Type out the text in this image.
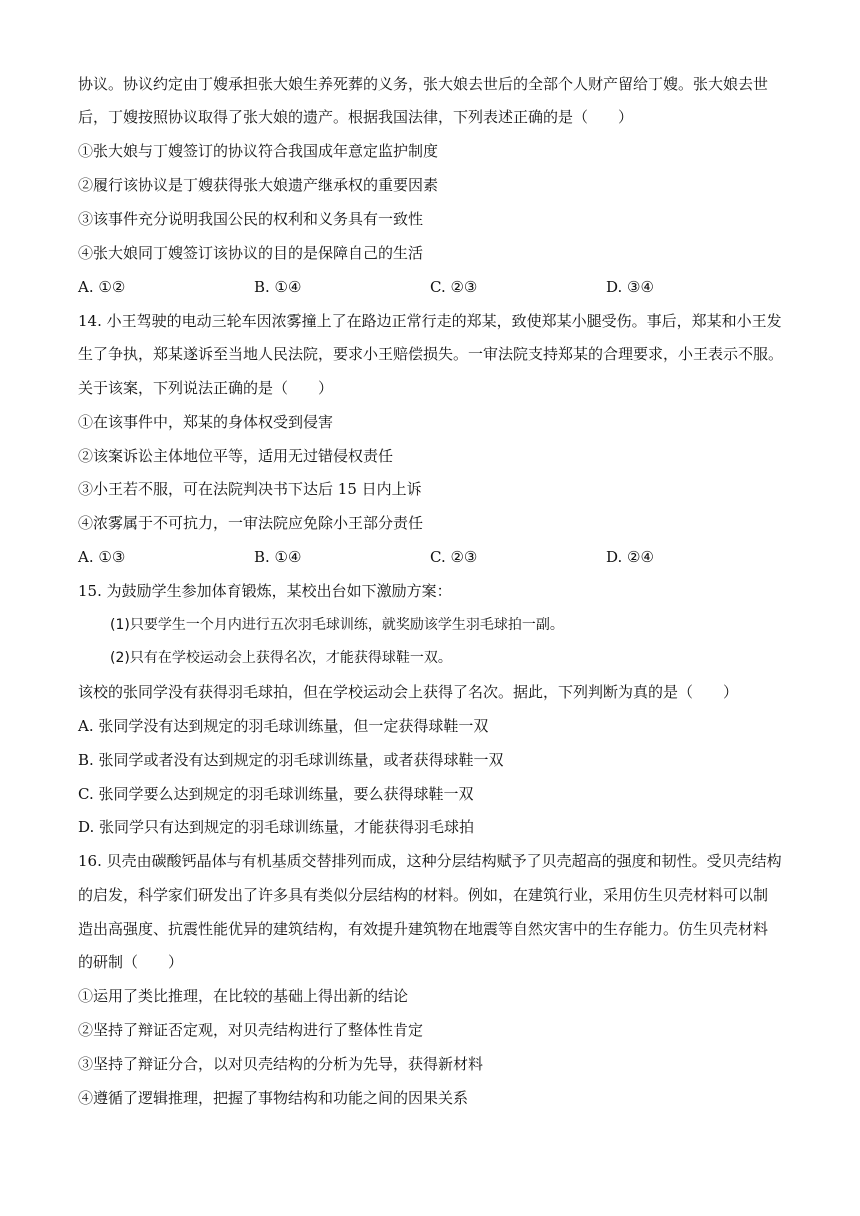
协议。协议约定由丁嫂承担张大娘生养死葬的义务，张大娘去世后的全部个人财产留给丁嫂。张大娘去世
后，丁嫂按照协议取得了张大娘的遗产。根据我国法律，下列表述正确的是（　　）
①张大娘与丁嫂签订的协议符合我国成年意定监护制度
②履行该协议是丁嫂获得张大娘遗产继承权的重要因素
③该事件充分说明我国公民的权利和义务具有一致性
④张大娘同丁嫂签订该协议的目的是保障自己的生活
A. ①②	B. ①④	C. ②③	D. ③④
14. 小王驾驶的电动三轮车因浓雾撞上了在路边正常行走的郑某，致使郑某小腿受伤。事后，郑某和小王发
生了争执，郑某遂诉至当地人民法院，要求小王赔偿损失。一审法院支持郑某的合理要求，小王表示不服。
关于该案，下列说法正确的是（　　）
①在该事件中，郑某的身体权受到侵害
②该案诉讼主体地位平等，适用无过错侵权责任
③小王若不服，可在法院判决书下达后 15 日内上诉
④浓雾属于不可抗力，一审法院应免除小王部分责任
A. ①③	B. ①④	C. ②③	D. ②④
15. 为鼓励学生参加体育锻炼，某校出台如下激励方案：
(1)只要学生一个月内进行五次羽毛球训练，就奖励该学生羽毛球拍一副。
(2)只有在学校运动会上获得名次，才能获得球鞋一双。
该校的张同学没有获得羽毛球拍，但在学校运动会上获得了名次。据此，下列判断为真的是（　　）
A. 张同学没有达到规定的羽毛球训练量，但一定获得球鞋一双
B. 张同学或者没有达到规定的羽毛球训练量，或者获得球鞋一双
C. 张同学要么达到规定的羽毛球训练量，要么获得球鞋一双
D. 张同学只有达到规定的羽毛球训练量，才能获得羽毛球拍
16. 贝壳由碳酸钙晶体与有机基质交替排列而成，这种分层结构赋予了贝壳超高的强度和韧性。受贝壳结构
的启发，科学家们研发出了许多具有类似分层结构的材料。例如，在建筑行业，采用仿生贝壳材料可以制
造出高强度、抗震性能优异的建筑结构，有效提升建筑物在地震等自然灾害中的生存能力。仿生贝壳材料
的研制（　　）
①运用了类比推理，在比较的基础上得出新的结论
②坚持了辩证否定观，对贝壳结构进行了整体性肯定
③坚持了辩证分合，以对贝壳结构的分析为先导，获得新材料
④遵循了逻辑推理，把握了事物结构和功能之间的因果关系
